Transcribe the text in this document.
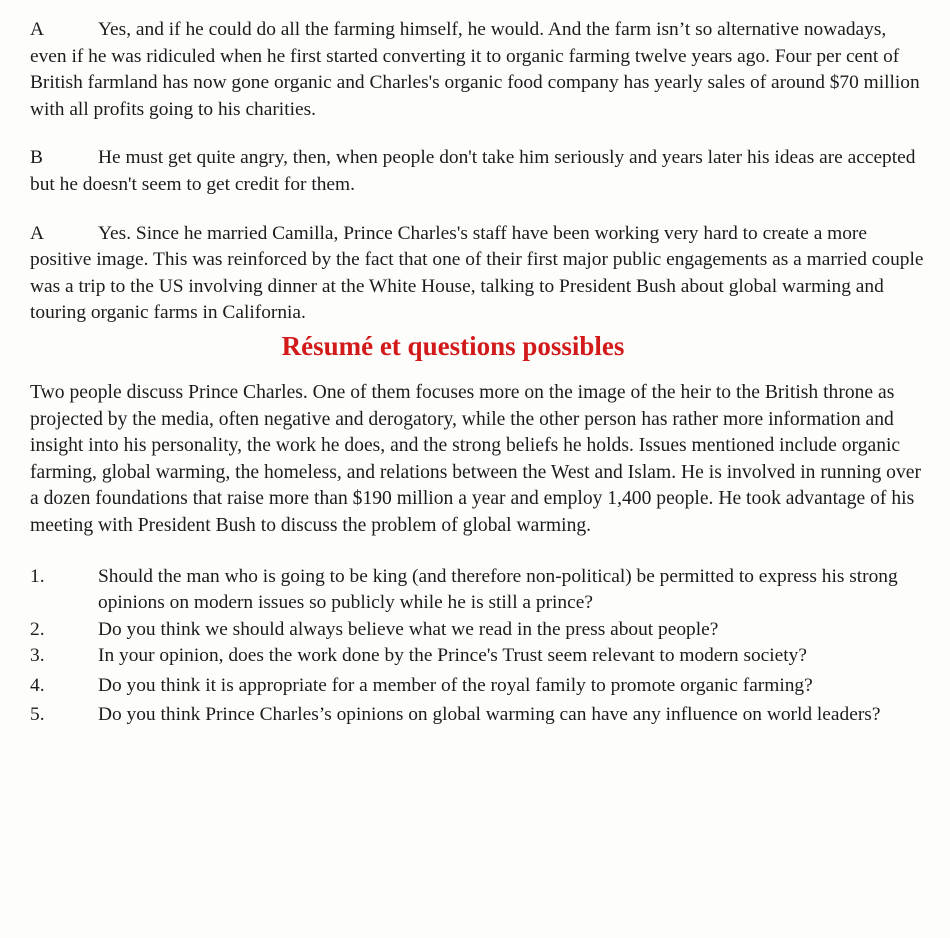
A	Yes, and if he could do all the farming himself, he would. And the farm isn’t so alternative nowadays, even if he was ridiculed when he first started converting it to organic farming twelve years ago. Four per cent of British farmland has now gone organic and Charles's organic food company has yearly sales of around $70 million with all profits going to his charities.

B	He must get quite angry, then, when people don't take him seriously and years later his ideas are accepted but he doesn't seem to get credit for them.

A	Yes. Since he married Camilla, Prince Charles's staff have been working very hard to create a more positive image. This was reinforced by the fact that one of their first major public engagements as a married couple was a trip to the US involving dinner at the White House, talking to President Bush about global warming and touring organic farms in California.

Résumé et questions possibles

Two people discuss Prince Charles. One of them focuses more on the image of the heir to the British throne as projected by the media, often negative and derogatory, while the other person has rather more information and insight into his personality, the work he does, and the strong beliefs he holds. Issues mentioned include organic farming, global warming, the homeless, and relations between the West and Islam. He is involved in running over a dozen foundations that raise more than $190 million a year and employ 1,400 people. He took advantage of his meeting with President Bush to discuss the problem of global warming.

1.	Should the man who is going to be king (and therefore non-political) be permitted to express his strong opinions on modern issues so publicly while he is still a prince?
2.	Do you think we should always believe what we read in the press about people?
3.	In your opinion, does the work done by the Prince's Trust seem relevant to modern society?
4.	Do you think it is appropriate for a member of the royal family to promote organic farming?
5.	Do you think Prince Charles’s opinions on global warming can have any influence on world leaders?
